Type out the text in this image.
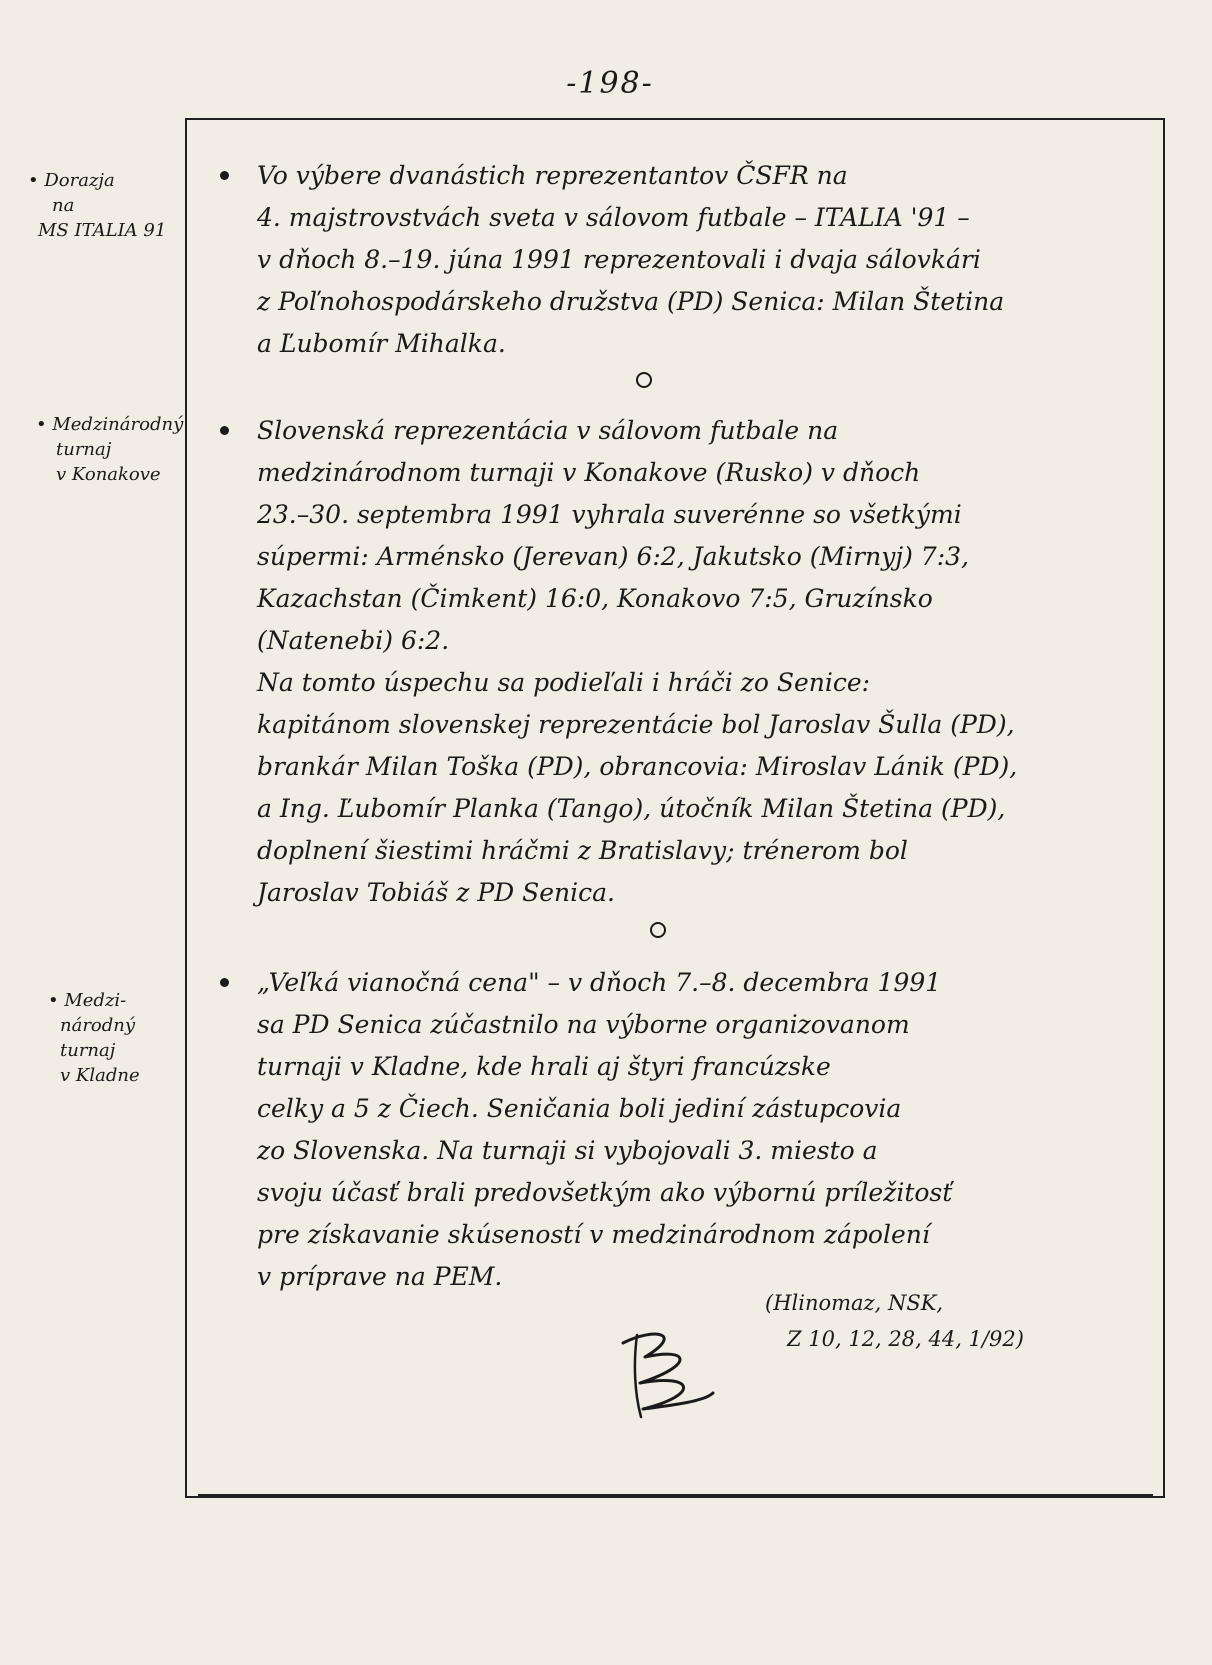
-198-
• Dorazja
na
MS ITALIA 91
• Medzinárodný
turnaj
v Konakove
• Medzi-
národný
turnaj
v Kladne
Vo výbere dvanástich reprezentantov ČSFR na
4. majstrovstvách sveta v sálovom futbale – ITALIA '91 –
v dňoch 8.–19. júna 1991 reprezentovali i dvaja sálovkári
z Poľnohospodárskeho družstva (PD) Senica: Milan Štetina
a Ľubomír Mihalka.
Slovenská reprezentácia v sálovom futbale na
medzinárodnom turnaji v Konakove (Rusko) v dňoch
23.–30. septembra 1991 vyhrala suverénne so všetkými
súpermi: Arménsko (Jerevan) 6:2, Jakutsko (Mirnyj) 7:3,
Kazachstan (Čimkent) 16:0, Konakovo 7:5, Gruzínsko
(Natenebi) 6:2.
Na tomto úspechu sa podieľali i hráči zo Senice:
kapitánom slovenskej reprezentácie bol Jaroslav Šulla (PD),
brankár Milan Toška (PD), obrancovia: Miroslav Lánik (PD),
a Ing. Ľubomír Planka (Tango), útočník Milan Štetina (PD),
doplnení šiestimi hráčmi z Bratislavy; trénerom bol
Jaroslav Tobiáš z PD Senica.
„Veľká vianočná cena" – v dňoch 7.–8. decembra 1991
sa PD Senica zúčastnilo na výborne organizovanom
turnaji v Kladne, kde hrali aj štyri francúzske
celky a 5 z Čiech. Seničania boli jediní zástupcovia
zo Slovenska. Na turnaji si vybojovali 3. miesto a
svoju účasť brali predovšetkým ako výbornú príležitosť
pre získavanie skúseností v medzinárodnom zápolení
v príprave na PEM.
(Hlinomaz, NSK,
Z 10, 12, 28, 44, 1/92)
